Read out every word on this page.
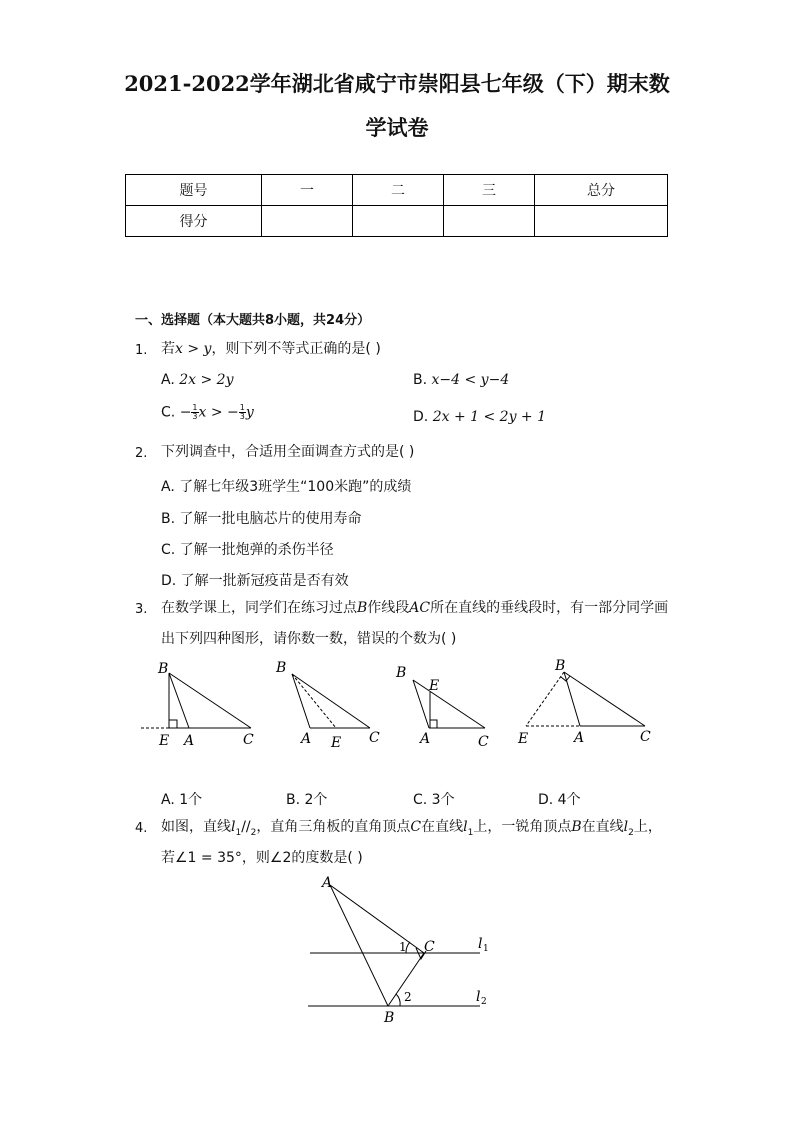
2021-2022学年湖北省咸宁市崇阳县七年级（下）期末数
学试卷
题号	一	二	三	总分
得分				
一、选择题（本大题共8小题，共24分）
1. 若x > y，则下列不等式正确的是( )
A. 2x > 2y	B. x−4 < y−4
C. − $\frac{1}{3}x$ > − $\frac{1}{3}y$	D. 2x + 1 < 2y + 1
2. 下列调查中，合适用全面调查方式的是( )
A. 了解七年级3班学生“100米跑”的成绩
B. 了解一批电脑芯片的使用寿命
C. 了解一批炮弹的杀伤半径
D. 了解一批新冠疫苗是否有效
3. 在数学课上，同学们在练习过点B作线段AC所在直线的垂线段时，有一部分同学画
出下列四种图形，请你数一数，错误的个数为( )
B
E A	C
B
A E C
B
E
A	C
B
E	A	C
A. 1个	B. 2个	C. 3个	D. 4个
4. 如图，直线$l_1//_2$，直角三角板的直角顶点C在直线$l_1$上，一锐角顶点B在直线$l_2$上，
若∠1 = 35°，则∠2的度数是( )
A
C
B
1
2
l 1
l 2
